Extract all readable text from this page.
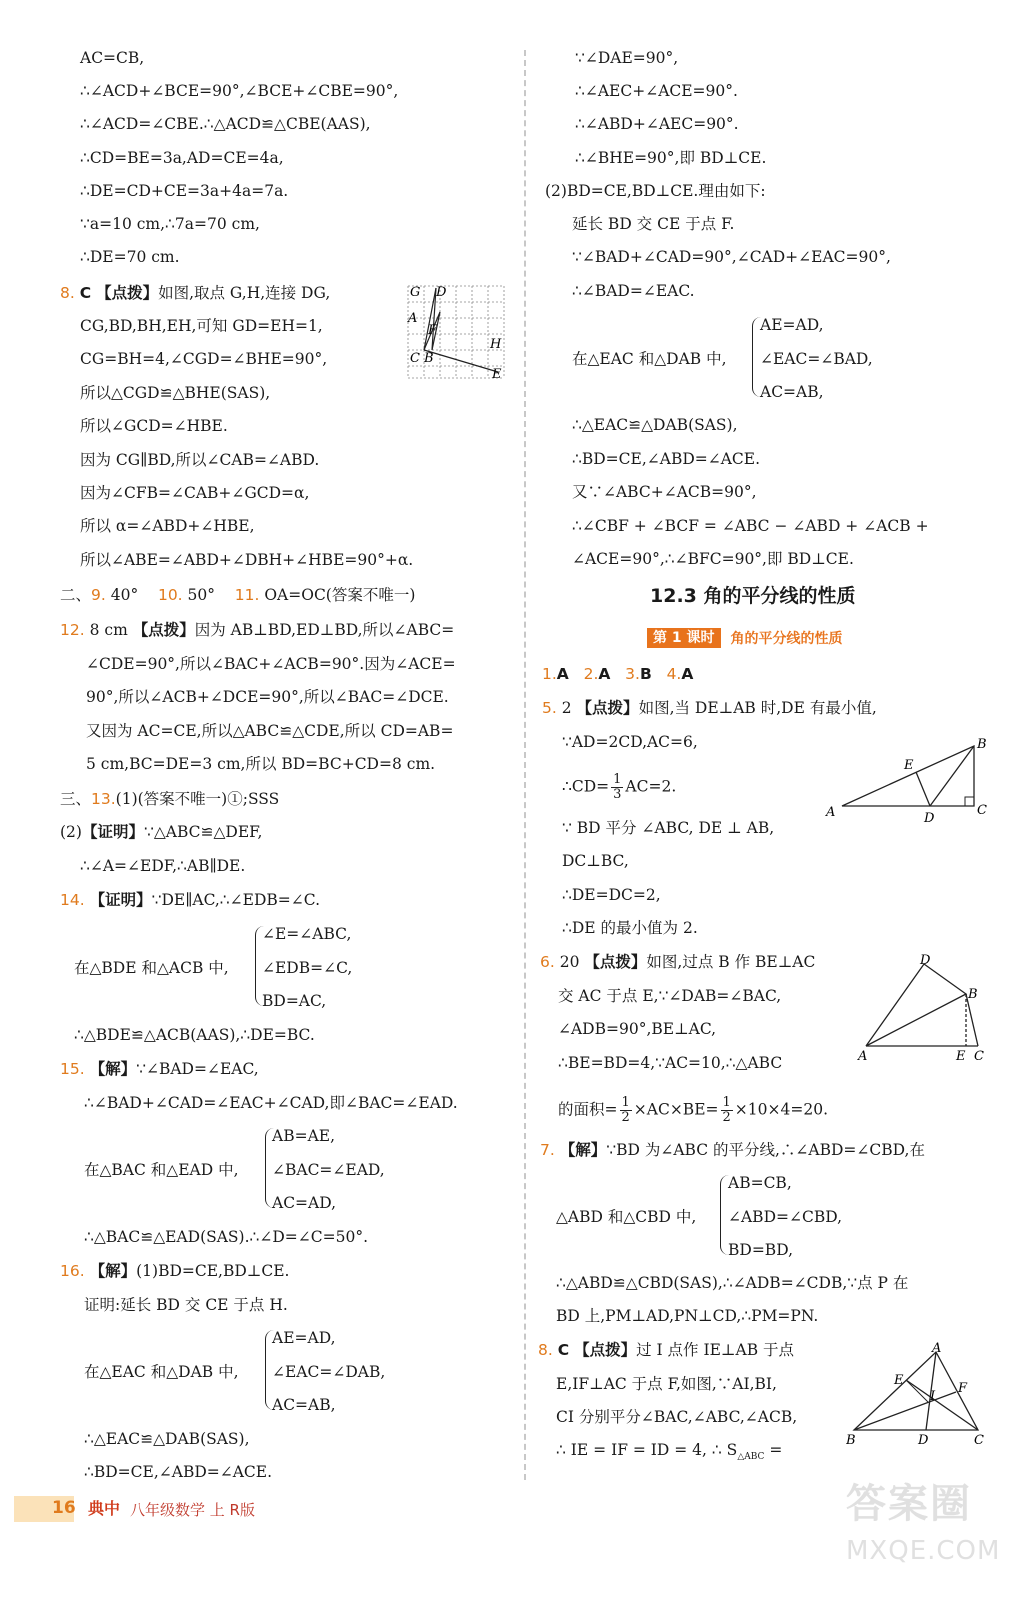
AC=CB,
∴∠ACD+∠BCE=90°,∠BCE+∠CBE=90°,
∴∠ACD=∠CBE.∴△ACD≌△CBE(AAS),
∴CD=BE=3a,AD=CE=4a,
∴DE=CD+CE=3a+4a=7a.
∵a=10 cm,∴7a=70 cm,
∴DE=70 cm.
8. C 【点拨】如图,取点 G,H,连接 DG,
CG,BD,BH,EH,可知 GD=EH=1,
CG=BH=4,∠CGD=∠BHE=90°,
所以△CGD≌△BHE(SAS),
所以∠GCD=∠HBE.
因为 CG∥BD,所以∠CAB=∠ABD.
因为∠CFB=∠CAB+∠GCD=α,
所以 α=∠ABD+∠HBE,
所以∠ABE=∠ABD+∠DBH+∠HBE=90°+α.
G D
A
F
C B
H
E
二、9. 40° 10. 50° 11. OA=OC(答案不唯一)
12. 8 cm 【点拨】因为 AB⊥BD,ED⊥BD,所以∠ABC=
∠CDE=90°,所以∠BAC+∠ACB=90°.因为∠ACE=
90°,所以∠ACB+∠DCE=90°,所以∠BAC=∠DCE.
又因为 AC=CE,所以△ABC≌△CDE,所以 CD=AB=
5 cm,BC=DE=3 cm,所以 BD=BC+CD=8 cm.
三、13.(1)(答案不唯一)①;SSS
(2)【证明】∵△ABC≌△DEF,
∴∠A=∠EDF,∴AB∥DE.
14. 【证明】∵DE∥AC,∴∠EDB=∠C.
在△BDE 和△ACB 中,
∠E=∠ABC,
∠EDB=∠C,
BD=AC,
∴△BDE≌△ACB(AAS),∴DE=BC.
15. 【解】∵∠BAD=∠EAC,
∴∠BAD+∠CAD=∠EAC+∠CAD,即∠BAC=∠EAD.
在△BAC 和△EAD 中,
AB=AE,
∠BAC=∠EAD,
AC=AD,
∴△BAC≌△EAD(SAS).∴∠D=∠C=50°.
16. 【解】(1)BD=CE,BD⊥CE.
证明:延长 BD 交 CE 于点 H.
在△EAC 和△DAB 中,
AE=AD,
∠EAC=∠DAB,
AC=AB,
∴△EAC≌△DAB(SAS),
∴BD=CE,∠ABD=∠ACE.
∵∠DAE=90°,
∴∠AEC+∠ACE=90°.
∴∠ABD+∠AEC=90°.
∴∠BHE=90°,即 BD⊥CE.
(2)BD=CE,BD⊥CE.理由如下:
延长 BD 交 CE 于点 F.
∵∠BAD+∠CAD=90°,∠CAD+∠EAC=90°,
∴∠BAD=∠EAC.
在△EAC 和△DAB 中,
AE=AD,
∠EAC=∠BAD,
AC=AB,
∴△EAC≌△DAB(SAS),
∴BD=CE,∠ABD=∠ACE.
又∵∠ABC+∠ACB=90°,
∴∠CBF + ∠BCF = ∠ABC − ∠ABD + ∠ACB +
∠ACE=90°,∴∠BFC=90°,即 BD⊥CE.
12.3 角的平分线的性质
第 1 课时	角的平分线的性质
1.A 2.A 3.B 4.A
5. 2 【点拨】如图,当 DE⊥AB 时,DE 有最小值,
∵AD=2CD,AC=6,
∴CD= $\frac{1}{3} AC=2$.
∵ BD 平分 ∠ABC, DE ⊥ AB,
DC⊥BC,
∴DE=DC=2,
∴DE 的最小值为 2.
A
B
C
D
E
6. 20 【点拨】如图,过点 B 作 BE⊥AC
交 AC 于点 E,∵∠DAB=∠BAC,
∠ADB=90°,BE⊥AC,
∴BE=BD=4,∵AC=10,∴△ABC
的面积= $\frac{1}{2} \times AC\times BE= \frac{1}{2} \times 10\times 4=20$.
A
D
B
E C
7. 【解】∵BD 为∠ABC 的平分线,∴∠ABD=∠CBD,在
△ABD 和△CBD 中,
AB=CB,
∠ABD=∠CBD,
BD=BD,
∴△ABD≌△CBD(SAS),∴∠ADB=∠CDB,∵点 P 在
BD 上,PM⊥AD,PN⊥CD,∴PM=PN.
8. C 【点拨】过 I 点作 IE⊥AB 于点
E,IF⊥AC 于点 F,如图,∵AI,BI,
CI 分别平分∠BAC,∠ABC,∠ACB,
∴ IE = IF = ID = 4, ∴ $S_{\triangle ABC}$ =
B
A
C
D
E
F
I
16 典中 八年级数学 上 R版	答案圈
MXQE.COM
